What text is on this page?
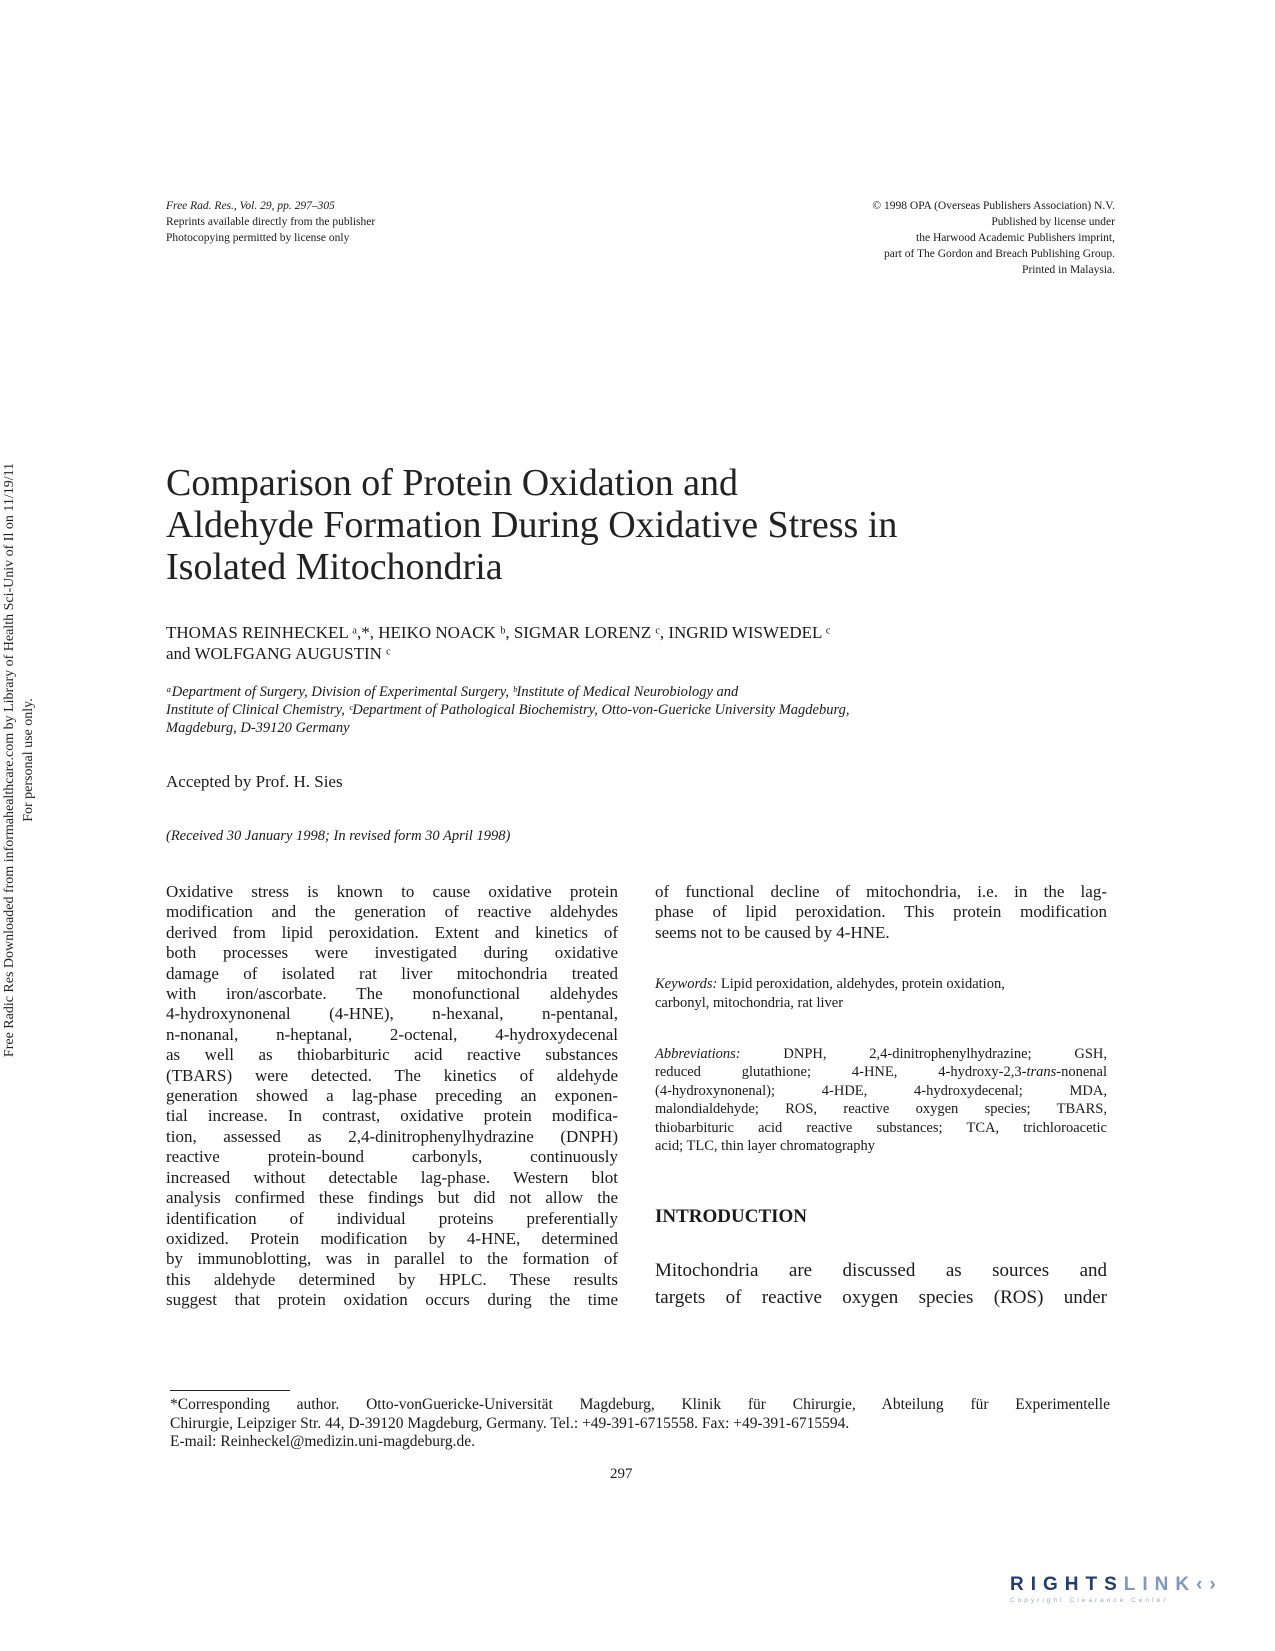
Free Rad. Res., Vol. 29, pp. 297–305
Reprints available directly from the publisher
Photocopying permitted by license only
© 1998 OPA (Overseas Publishers Association) N.V.
Published by license under
the Harwood Academic Publishers imprint,
part of The Gordon and Breach Publishing Group.
Printed in Malaysia.
Free Radic Res Downloaded from informahealthcare.com by Library of Health Sci-Univ of Il on 11/19/11 For personal use only.
Comparison of Protein Oxidation and
Aldehyde Formation During Oxidative Stress in
Isolated Mitochondria
THOMAS REINHECKEL ᵃ,*, HEIKO NOACK ᵇ, SIGMAR LORENZ ᶜ, INGRID WISWEDEL ᶜ
and WOLFGANG AUGUSTIN ᶜ
ᵃDepartment of Surgery, Division of Experimental Surgery, ᵇInstitute of Medical Neurobiology and
Institute of Clinical Chemistry, ᶜDepartment of Pathological Biochemistry, Otto-von-Guericke University Magdeburg,
Magdeburg, D-39120 Germany
Accepted by Prof. H. Sies
(Received 30 January 1998; In revised form 30 April 1998)
Oxidative stress is known to cause oxidative protein
modification and the generation of reactive aldehydes
derived from lipid peroxidation. Extent and kinetics of
both processes were investigated during oxidative
damage of isolated rat liver mitochondria treated
with iron/ascorbate. The monofunctional aldehydes
4-hydroxynonenal (4-HNE), n-hexanal, n-pentanal,
n-nonanal, n-heptanal, 2-octenal, 4-hydroxydecenal
as well as thiobarbituric acid reactive substances
(TBARS) were detected. The kinetics of aldehyde
generation showed a lag-phase preceding an exponen-
tial increase. In contrast, oxidative protein modifica-
tion, assessed as 2,4-dinitrophenylhydrazine (DNPH)
reactive protein-bound carbonyls, continuously
increased without detectable lag-phase. Western blot
analysis confirmed these findings but did not allow the
identification of individual proteins preferentially
oxidized. Protein modification by 4-HNE, determined
by immunoblotting, was in parallel to the formation of
this aldehyde determined by HPLC. These results
suggest that protein oxidation occurs during the time
of functional decline of mitochondria, i.e. in the lag-
phase of lipid peroxidation. This protein modification
seems not to be caused by 4-HNE.
Keywords: Lipid peroxidation, aldehydes, protein oxidation,
carbonyl, mitochondria, rat liver
Abbreviations:	DNPH, 2,4-dinitrophenylhydrazine; GSH,
reduced glutathione; 4-HNE, 4-hydroxy-2,3-trans-nonenal
(4-hydroxynonenal); 4-HDE, 4-hydroxydecenal; MDA,
malondialdehyde; ROS, reactive oxygen species; TBARS,
thiobarbituric acid reactive substances; TCA, trichloroacetic
acid; TLC, thin layer chromatography
INTRODUCTION
Mitochondria are discussed as sources and
targets of reactive oxygen species (ROS) under
*Corresponding author. Otto-vonGuericke-Universität Magdeburg, Klinik für Chirurgie, Abteilung für Experimentelle
Chirurgie, Leipziger Str. 44, D-39120 Magdeburg, Germany. Tel.: +49-391-6715558. Fax: +49-391-6715594.
E-mail: Reinheckel@medizin.uni-magdeburg.de.
297
RIGHTSLINK‹›
Copyright Clearance Center
